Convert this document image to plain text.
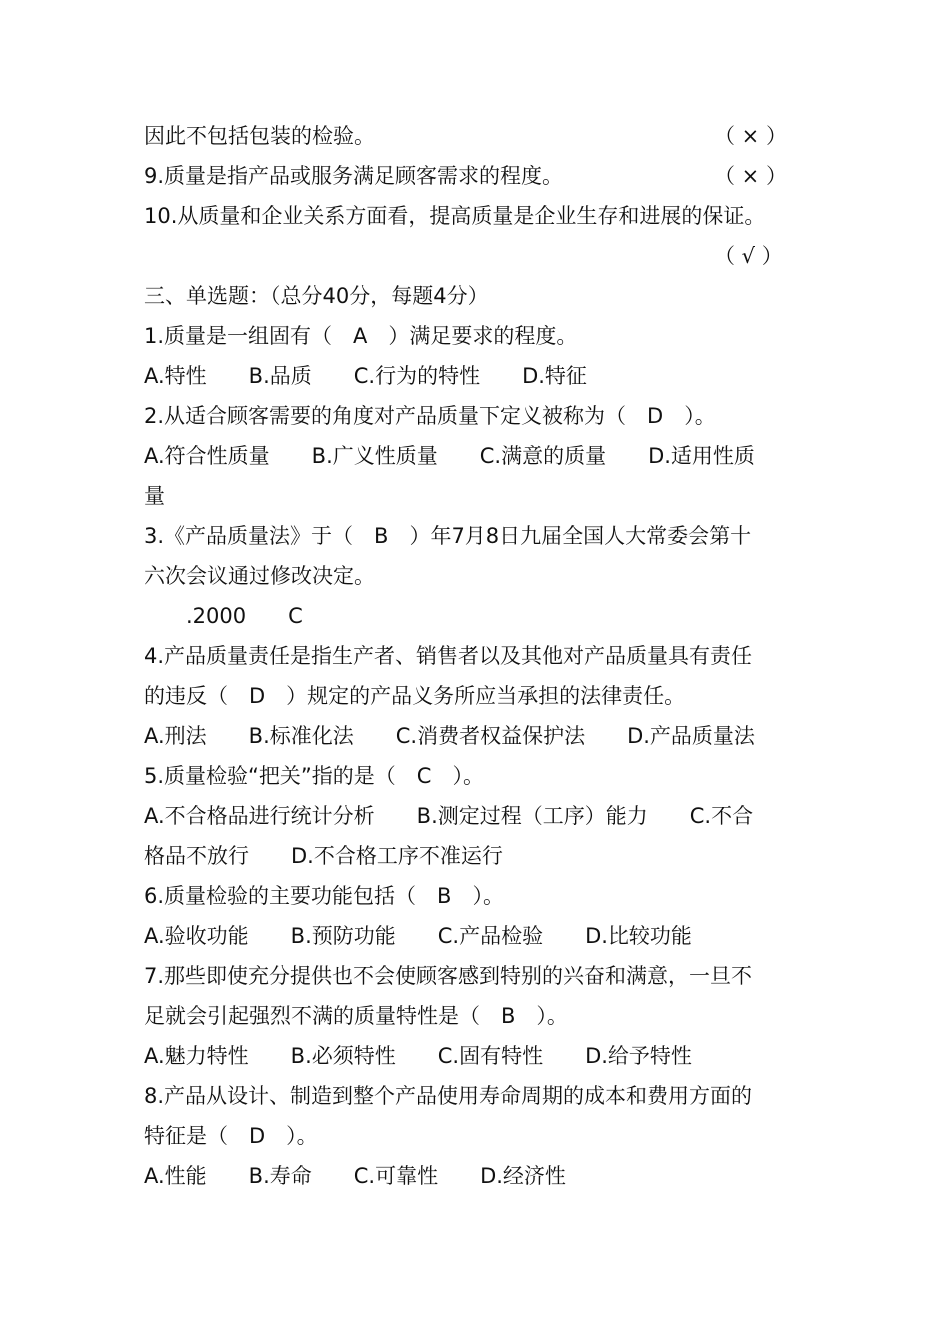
因此不包括包装的检验。
9.质量是指产品或服务满足顾客需求的程度。
10.从质量和企业关系方面看，提高质量是企业生存和进展的保证。
三、单选题：（总分40分，每题4分）
1.质量是一组固有（　A　）满足要求的程度。
A.特性　　B.品质　　C.行为的特性　　D.特征
2.从适合顾客需要的角度对产品质量下定义被称为（　D　）。
A.符合性质量　　B.广义性质量　　C.满意的质量　　D.适用性质
量
3.《产品质量法》于（　B　）年7月8日九届全国人大常委会第十
六次会议通过修改决定。
　　.2000　　C
4.产品质量责任是指生产者、销售者以及其他对产品质量具有责任
的违反（　D　）规定的产品义务所应当承担的法律责任。
A.刑法　　B.标准化法　　C.消费者权益保护法　　D.产品质量法
5.质量检验“把关”指的是（　C　）。
A.不合格品进行统计分析　　B.测定过程（工序）能力　　C.不合
格品不放行　　D.不合格工序不准运行
6.质量检验的主要功能包括（　B　）。
A.验收功能　　B.预防功能　　C.产品检验　　D.比较功能
7.那些即使充分提供也不会使顾客感到特别的兴奋和满意，一旦不
足就会引起强烈不满的质量特性是（　B　）。
A.魅力特性　　B.必须特性　　C.固有特性　　D.给予特性
8.产品从设计、制造到整个产品使用寿命周期的成本和费用方面的
特征是（　D　）。
A.性能　　B.寿命　　C.可靠性　　D.经济性
（ × ）
（ × ）
（ √ ）
